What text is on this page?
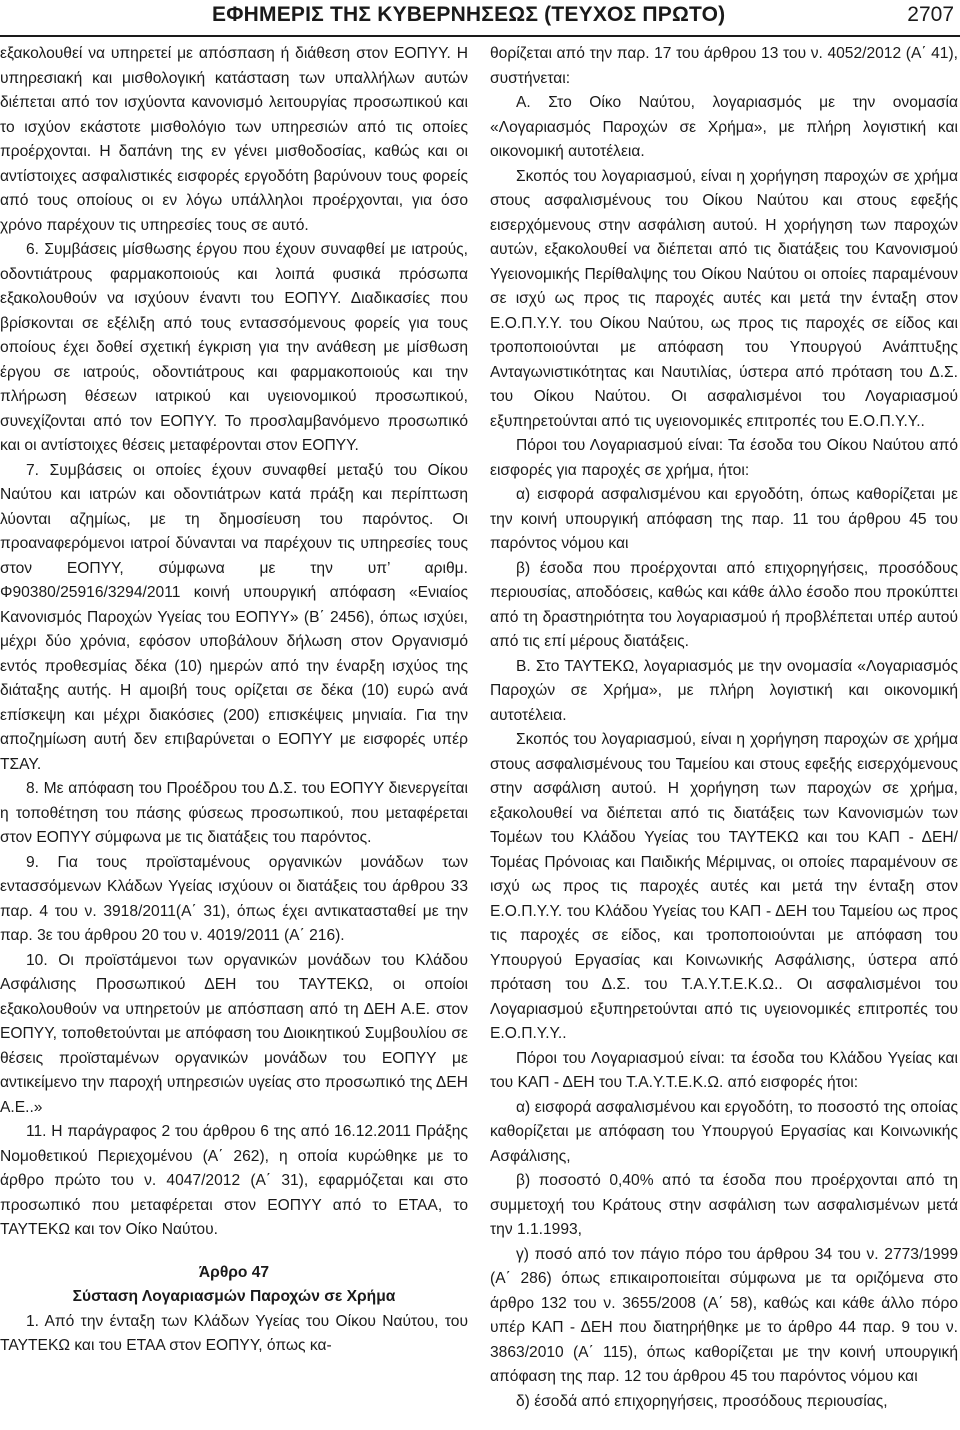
ΕΦΗΜΕΡΙΣ ΤΗΣ ΚΥΒΕΡΝΗΣΕΩΣ (ΤΕΥΧΟΣ ΠΡΩΤΟ)	2707

εξακολουθεί να υπηρετεί με απόσπαση ή διάθεση στον ΕΟΠΥΥ. Η υπηρεσιακή και μισθολογική κατάσταση των υπαλλήλων αυτών διέπεται από τον ισχύοντα κανονισμό λειτουργίας προσωπικού και το ισχύον εκάστοτε μισθολόγιο των υπηρεσιών από τις οποίες προέρχονται. Η δαπάνη της εν γένει μισθοδοσίας, καθώς και οι αντίστοιχες ασφαλιστικές εισφορές εργοδότη βαρύνουν τους φορείς από τους οποίους οι εν λόγω υπάλληλοι προέρχονται, για όσο χρόνο παρέχουν τις υπηρεσίες τους σε αυτό.

6. Συμβάσεις μίσθωσης έργου που έχουν συναφθεί με ιατρούς, οδοντιάτρους φαρμακοποιούς και λοιπά φυσικά πρόσωπα εξακολουθούν να ισχύουν έναντι του ΕΟΠΥΥ. Διαδικασίες που βρίσκονται σε εξέλιξη από τους εντασσόμενους φορείς για τους οποίους έχει δοθεί σχετική έγκριση για την ανάθεση με μίσθωση έργου σε ιατρούς, οδοντιάτρους και φαρμακοποιούς και την πλήρωση θέσεων ιατρικού και υγειονομικού προσωπικού, συνεχίζονται από τον ΕΟΠΥΥ. Το προσλαμβανόμενο προσωπικό και οι αντίστοιχες θέσεις μεταφέρονται στον ΕΟΠΥΥ.

7. Συμβάσεις οι οποίες έχουν συναφθεί μεταξύ του Οίκου Ναύτου και ιατρών και οδοντιάτρων κατά πράξη και περίπτωση λύονται αζημίως, με τη δημοσίευση του παρόντος. Οι προαναφερόμενοι ιατροί δύνανται να παρέχουν τις υπηρεσίες τους στον ΕΟΠΥΥ, σύμφωνα με την υπ’ αριθμ. Φ90380/25916/3294/2011 κοινή υπουργική απόφαση «Ενιαίος Κανονισμός Παροχών Υγείας του ΕΟΠΥΥ» (Β΄ 2456), όπως ισχύει, μέχρι δύο χρόνια, εφόσον υποβάλουν δήλωση στον Οργανισμό εντός προθεσμίας δέκα (10) ημερών από την έναρξη ισχύος της διάταξης αυτής. Η αμοιβή τους ορίζεται σε δέκα (10) ευρώ ανά επίσκεψη και μέχρι διακόσιες (200) επισκέψεις μηνιαία. Για την αποζημίωση αυτή δεν επιβαρύνεται ο ΕΟΠΥΥ με εισφορές υπέρ ΤΣΑΥ.

8. Με απόφαση του Προέδρου του Δ.Σ. του ΕΟΠΥΥ διενεργείται η τοποθέτηση του πάσης φύσεως προσωπικού, που μεταφέρεται στον ΕΟΠΥΥ σύμφωνα με τις διατάξεις του παρόντος.

9. Για τους προϊσταμένους οργανικών μονάδων των εντασσόμενων Κλάδων Υγείας ισχύουν οι διατάξεις του άρθρου 33 παρ. 4 του ν. 3918/2011(Α΄ 31), όπως έχει αντικατασταθεί με την παρ. 3ε του άρθρου 20 του ν. 4019/2011 (Α΄ 216).

10. Οι προϊστάμενοι των οργανικών μονάδων του Κλάδου Ασφάλισης Προσωπικού ΔΕΗ του ΤΑΥΤΕΚΩ, οι οποίοι εξακολουθούν να υπηρετούν με απόσπαση από τη ΔΕΗ Α.Ε. στον ΕΟΠΥΥ, τοποθετούνται με απόφαση του Διοικητικού Συμβουλίου σε θέσεις προϊσταμένων οργανικών μονάδων του ΕΟΠΥΥ με αντικείμενο την παροχή υπηρεσιών υγείας στο προσωπικό της ΔΕΗ Α.Ε..»

11. Η παράγραφος 2 του άρθρου 6 της από 16.12.2011 Πράξης Νομοθετικού Περιεχομένου (Α΄ 262), η οποία κυρώθηκε με το άρθρο πρώτο του ν. 4047/2012 (Α΄ 31), εφαρμόζεται και στο προσωπικό που μεταφέρεται στον ΕΟΠΥΥ από το ΕΤΑΑ, το ΤΑΥΤΕΚΩ και τον Οίκο Ναύτου.

Άρθρο 47

Σύσταση Λογαριασμών Παροχών σε Χρήμα

1. Από την ένταξη των Κλάδων Υγείας του Οίκου Ναύτου, του ΤΑΥΤΕΚΩ και του ΕΤΑΑ στον ΕΟΠΥΥ, όπως κα-

θορίζεται από την παρ. 17 του άρθρου 13 του ν. 4052/2012 (Α΄ 41), συστήνεται:

Α. Στο Οίκο Ναύτου, λογαριασμός με την ονομασία «Λογαριασμός Παροχών σε Χρήμα», με πλήρη λογιστική και οικονομική αυτοτέλεια.

Σκοπός του λογαριασμού, είναι η χορήγηση παροχών σε χρήμα στους ασφαλισμένους του Οίκου Ναύτου και στους εφεξής εισερχόμενους στην ασφάλιση αυτού. Η χορήγηση των παροχών αυτών, εξακολουθεί να διέπεται από τις διατάξεις του Κανονισμού Υγειονομικής Περίθαλψης του Οίκου Ναύτου οι οποίες παραμένουν σε ισχύ ως προς τις παροχές αυτές και μετά την ένταξη στον Ε.Ο.Π.Υ.Υ. του Οίκου Ναύτου, ως προς τις παροχές σε είδος και τροποποιούνται με απόφαση του Υπουργού Ανάπτυξης Ανταγωνιστικότητας και Ναυτιλίας, ύστερα από πρόταση του Δ.Σ. του Οίκου Ναύτου. Οι ασφαλισμένοι του Λογαριασμού εξυπηρετούνται από τις υγειονομικές επιτροπές του Ε.Ο.Π.Υ.Υ..

Πόροι του Λογαριασμού είναι: Τα έσοδα του Οίκου Ναύτου από εισφορές για παροχές σε χρήμα, ήτοι:

α) εισφορά ασφαλισμένου και εργοδότη, όπως καθορίζεται με την κοινή υπουργική απόφαση της παρ. 11 του άρθρου 45 του παρόντος νόμου και

β) έσοδα που προέρχονται από επιχορηγήσεις, προσόδους περιουσίας, αποδόσεις, καθώς και κάθε άλλο έσοδο που προκύπτει από τη δραστηριότητα του λογαριασμού ή προβλέπεται υπέρ αυτού από τις επί μέρους διατάξεις.

Β. Στο ΤΑΥΤΕΚΩ, λογαριασμός με την ονομασία «Λογαριασμός Παροχών σε Χρήμα», με πλήρη λογιστική και οικονομική αυτοτέλεια.

Σκοπός του λογαριασμού, είναι η χορήγηση παροχών σε χρήμα στους ασφαλισμένους του Ταμείου και στους εφεξής εισερχόμενους στην ασφάλιση αυτού. Η χορήγηση των παροχών σε χρήμα, εξακολουθεί να διέπεται από τις διατάξεις των Κανονισμών των Τομέων του Κλάδου Υγείας του ΤΑΥΤΕΚΩ και του ΚΑΠ - ΔΕΗ/Τομέας Πρόνοιας και Παιδικής Μέριμνας, οι οποίες παραμένουν σε ισχύ ως προς τις παροχές αυτές και μετά την ένταξη στον Ε.Ο.Π.Υ.Υ. του Κλάδου Υγείας του ΚΑΠ - ΔΕΗ του Ταμείου ως προς τις παροχές σε είδος, και τροποποιούνται με απόφαση του Υπουργού Εργασίας και Κοινωνικής Ασφάλισης, ύστερα από πρόταση του Δ.Σ. του Τ.Α.Υ.Τ.Ε.Κ.Ω.. Οι ασφαλισμένοι του Λογαριασμού εξυπηρετούνται από τις υγειονομικές επιτροπές του Ε.Ο.Π.Υ.Υ..

Πόροι του Λογαριασμού είναι: τα έσοδα του Κλάδου Υγείας και του ΚΑΠ - ΔΕΗ του Τ.Α.Υ.Τ.Ε.Κ.Ω. από εισφορές ήτοι:

α) εισφορά ασφαλισμένου και εργοδότη, το ποσοστό της οποίας καθορίζεται με απόφαση του Υπουργού Εργασίας και Κοινωνικής Ασφάλισης,

β) ποσοστό 0,40% από τα έσοδα που προέρχονται από τη συμμετοχή του Κράτους στην ασφάλιση των ασφαλισμένων μετά την 1.1.1993,

γ) ποσό από τον πάγιο πόρο του άρθρου 34 του ν. 2773/1999 (Α΄ 286) όπως επικαιροποιείται σύμφωνα με τα οριζόμενα στο άρθρο 132 του ν. 3655/2008 (Α΄ 58), καθώς και κάθε άλλο πόρο υπέρ ΚΑΠ - ΔΕΗ που διατηρήθηκε με το άρθρο 44 παρ. 9 του ν. 3863/2010 (Α΄ 115), όπως καθορίζεται με την κοινή υπουργική απόφαση της παρ. 12 του άρθρου 45 του παρόντος νόμου και

δ) έσοδά από επιχορηγήσεις, προσόδους περιουσίας,
